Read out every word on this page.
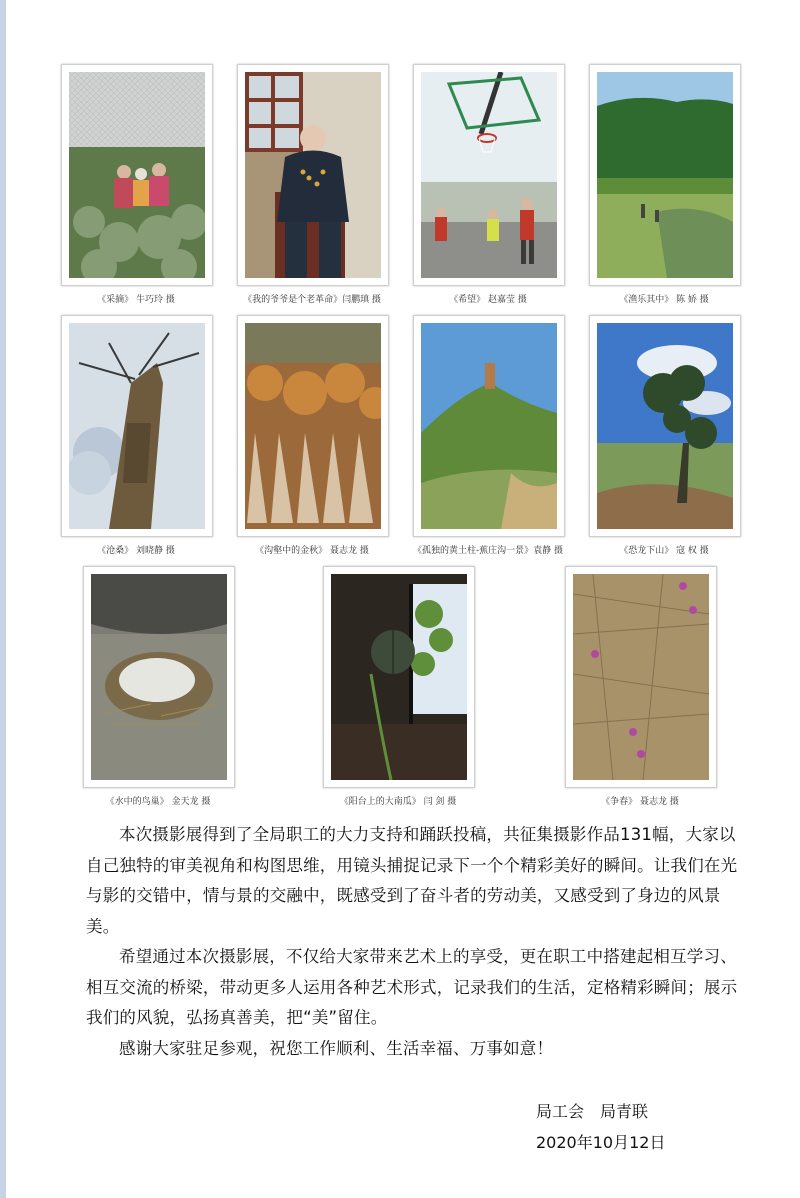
《采摘》 牛巧玲 摄	《我的爷爷是个老革命》闫鹏瑱 摄	《希望》 赵嘉莹 摄	《渔乐其中》 陈 娇 摄
《沧桑》 刘晓静 摄	《沟壑中的金秋》 聂志龙 摄	《孤独的黄土柱-蕉庄沟一景》袁静 摄	《恐龙下山》 寇 权 摄
《水中的鸟巢》 金天龙 摄	《阳台上的大南瓜》 闫 剑 摄	《争春》 聂志龙 摄

本次摄影展得到了全局职工的大力支持和踊跃投稿，共征集摄影作品131幅，大家以自己独特的审美视角和构图思维，用镜头捕捉记录下一个个精彩美好的瞬间。让我们在光与影的交错中，情与景的交融中，既感受到了奋斗者的劳动美，又感受到了身边的风景美。

希望通过本次摄影展，不仅给大家带来艺术上的享受，更在职工中搭建起相互学习、相互交流的桥梁，带动更多人运用各种艺术形式，记录我们的生活，定格精彩瞬间；展示我们的风貌，弘扬真善美，把“美”留住。

感谢大家驻足参观，祝您工作顺利、生活幸福、万事如意！

局工会　局青联
2020年10月12日
